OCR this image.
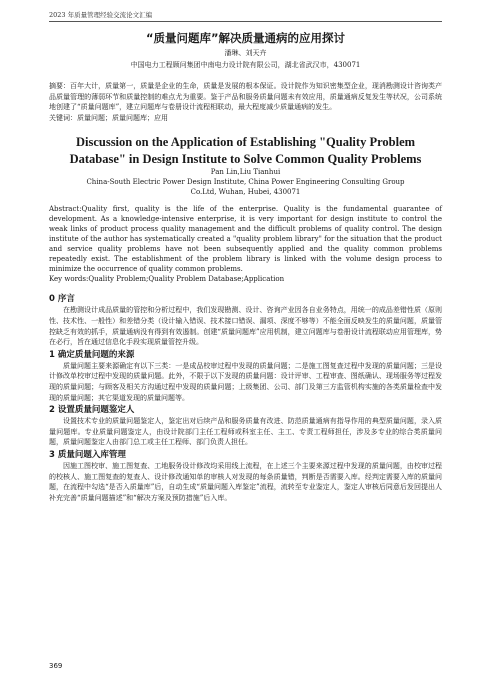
2023 年质量管理经验交流论文汇编
“质量问题库”解决质量通病的应用探讨
潘琳、刘天卉
中国电力工程顾问集团中南电力设计院有限公司，湖北省武汉市，430071
摘要：百年大计，质量第一，质量是企业的生命，质量是发展的根本保证。设计院作为知识密集型企业，现消勘测设计咨询类产品质量管理的薄弱环节和质量控制的难点尤为重要。鉴于产品和服务质量问题未有效应用，质量通病反复发生等状况，公司系统地创建了“质量问题库”，建立问题库与卷册设计流程相联动，最大程度减少质量通病的发生。
关键词：质量问题；质量问题库；应用
Discussion on the Application of Establishing "Quality Problem Database" in Design Institute to Solve Common Quality Problems
Pan Lin,Liu Tianhui
China-South Electric Power Design Institute, China Power Engineering Consulting Group
Co.Ltd, Wuhan, Hubei, 430071
Abstract:Quality first, quality is the life of the enterprise. Quality is the fundamental guarantee of development. As a knowledge-intensive enterprise, it is very important for design institute to control the weak links of product process quality management and the difficult problems of quality control. The design institute of the author has systematically created a "quality problem library" for the situation that the product and service quality problems have not been subsequently applied and the quality common problems repeatedly exist. The establishment of the problem library is linked with the volume design process to minimize the occurrence of quality common problems.
Key words:Quality Problem;Quality Problem Database;Application
0 序言
在勘测设计成品质量的管控和分析过程中，我们发现勘测、设计、咨询产业因各自业务特点，用统一的成品差错性质（原则性、技术性、一般性）和差错分类（设计输入错误、技术接口错误、漏项、深度不够等）不能全面反映发生的质量问题，质量管控缺乏有效的抓手，质量通病没有得到有效遏制。创建“质量问题库”应用机制，建立问题库与卷册设计流程联动应用管理库，势在必行，旨在通过信息化手段实现质量管控升级。
1 确定质量问题的来源
质量问题主要来源确定有以下三类：一是成品校审过程中发现的质量问题；二是施工图复查过程中发现的质量问题；三是设计修改单校审过程中发现的质量问题。此外，不限于以下发现的质量问题：设计评审、工程审查、图纸确认、现场服务等过程发现的质量问题；与顾客及相关方沟通过程中发现的质量问题；上级集团、公司、部门及第三方监管机构实施的各类质量检查中发现的质量问题；其它渠道发现的质量问题等。
2 设置质量问题鉴定人
设置技术专业的质量问题鉴定人，鉴定出对后续产品和服务质量有改进、防范质量通病有指导作用的典型质量问题，录入质量问题库。专业质量问题鉴定人，由设计院部门主任工程师或科室主任、主工、专责工程师担任，涉及多专业的综合类质量问题，质量问题鉴定人由部门总工或主任工程师、部门负责人担任。
3 质量问题入库管理
因施工图校审、施工图复查、工地服务设计修改均采用线上流程，在上述三个主要来源过程中发现的质量问题，由校审过程的校核人、施工图复查的复查人、设计修改通知单的审核人对发现的每条质量错，判断是否需要入库。经判定需要入库的质量问题，在流程中勾选“是否入质量库”后，自动生成“质量问题入库鉴定”流程，流转至专业鉴定人，鉴定人审核后同意后发回提出人补充完善“质量问题描述”和“解决方案及预防措施”后入库。
369
